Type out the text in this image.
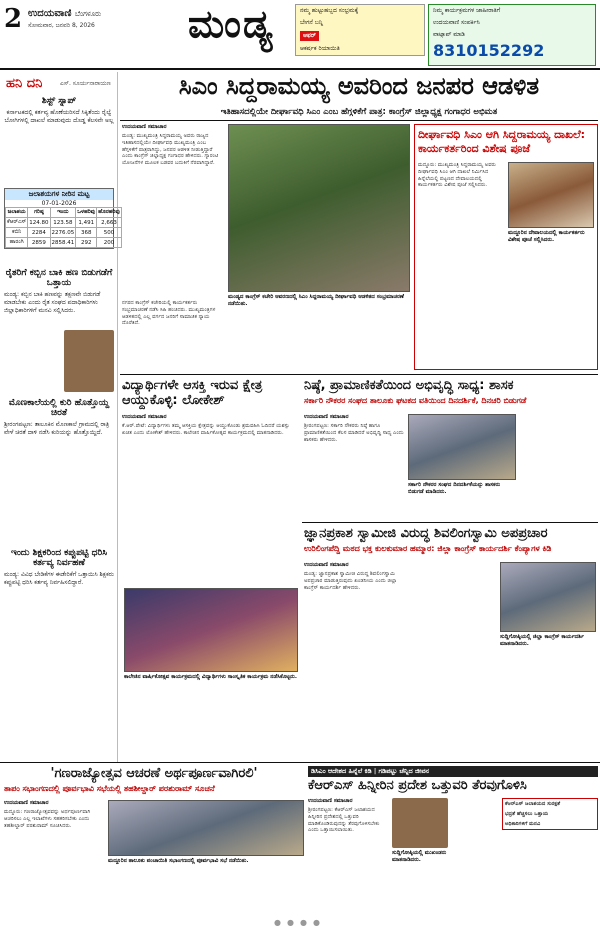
2 ಉದಯವಾಣಿ ಬೆಂಗಳೂರು
ಸೋಮವಾರ, ಜನವರಿ 8, 2026 ಮಂಡ್ಯ	ನಮ್ಮ ಹುಟ್ಟುಹಬ್ಬದ ಸಂಭ್ರಮಕ್ಕೆ
ಬೇಗನೆ ಬನ್ನಿ
ಆಫರ್
ಆಕರ್ಷಕ ರಿಯಾಯಿತಿ
ನಿಮ್ಮ ಕಾರ್ಯಕ್ರಮಗಳ ಜಾಹೀರಾತಿಗೆ
ಉದಯವಾಣಿ ಸಂಪರ್ಕಿಸಿ
ವಾಟ್ಸಾಪ್ ಮಾಡಿ
8310152292
ಹನಿ ದನಿ	ಎಸ್. ಸೂರ್ಯನಾರಾಯಣ
ಶಿಸ್ಟ್ ಸ್ನಾಪ್
ಕರ್ನಾಟಕದಲ್ಲಿ ಕರ್ತವ್ಯ ಹೊಣೆಯರಿಸದೆ ಸಿಕ್ಕಿತೆಂದು ರೈಲ್ವೆ ಬೋಗಿಗಳಲ್ಲಿ ದಾಖಲೆ ಮಾಡುವುದು ದೊಡ್ಡ ಕೆಲಸವೇ ಅಲ್ಲ
ಜಲಾಶಯಗಳ ನೀರಿನ ಮಟ್ಟ
07-01-2026
ಜಲಾಶಯ	ಗರಿಷ್ಠ	ಇಂದು	ಒಳಹರಿವು	ಹೊರಹರಿವು
ಕೆಆರ್‌ಎಸ್	124.80	123.58	1,491	2,663
ಕಬಿನಿ	2284	2276.05	368	500
ಹಾರಂಗಿ	2859	2858.41	292	200
ರೈತರಿಗೆ ಕಬ್ಬಿನ ಬಾಕಿ ಹಣ ಬಿಡುಗಡೆಗೆ ಒತ್ತಾಯ
ಮಂಡ್ಯ: ಕಬ್ಬಿನ ಬಾಕಿ ಹಣವನ್ನು ತಕ್ಷಣವೇ ಬಿಡುಗಡೆ ಮಾಡಬೇಕು ಎಂದು ರೈತ ಸಂಘದ ಪದಾಧಿಕಾರಿಗಳು ಜಿಲ್ಲಾಧಿಕಾರಿಗಳಿಗೆ ಮನವಿ ಸಲ್ಲಿಸಿದರು.
ಮೊಣಕಾಲೆಯಲ್ಲಿ ಕುರಿ ಹೊತ್ತೊಯ್ದ ಚಿರತೆ
ಶ್ರೀರಂಗಪಟ್ಟಣ: ತಾಲೂಕಿನ ಮೊಣಕಾಲೆ ಗ್ರಾಮದಲ್ಲಿ ರಾತ್ರಿ ವೇಳೆ ಚಿರತೆ ದಾಳಿ ನಡೆಸಿ ಕುರಿಯನ್ನು ಹೊತ್ತೊಯ್ದಿದೆ.
ಇಂದು ಶಿಕ್ಷಕರಿಂದ ಕಪ್ಪುಪಟ್ಟಿ ಧರಿಸಿ ಕರ್ತವ್ಯ ನಿರ್ವಹಣೆ
ಮಂಡ್ಯ: ವಿವಿಧ ಬೇಡಿಕೆಗಳ ಈಡೇರಿಕೆಗೆ ಒತ್ತಾಯಿಸಿ ಶಿಕ್ಷಕರು ಕಪ್ಪುಪಟ್ಟಿ ಧರಿಸಿ ಕರ್ತವ್ಯ ನಿರ್ವಹಿಸಲಿದ್ದಾರೆ.
ಸಿಎಂ ಸಿದ್ದರಾಮಯ್ಯ ಅವರಿಂದ ಜನಪರ ಆಡಳಿತ
ಇತಿಹಾಸದಲ್ಲಿಯೇ ದೀರ್ಘಾವಧಿ ಸಿಎಂ ಎಂಬ ಹೆಗ್ಗಳಿಕೆಗೆ ಪಾತ್ರ: ಕಾಂಗ್ರೆಸ್ ಜಿಲ್ಲಾಧ್ಯಕ್ಷ ಗಂಗಾಧರ ಅಭಿಮತ
ಉದಯವಾಣಿ ಸಮಾಚಾರ
ಮಂಡ್ಯ: ಮುಖ್ಯಮಂತ್ರಿ ಸಿದ್ದರಾಮಯ್ಯ ಅವರು ರಾಜ್ಯದ ಇತಿಹಾಸದಲ್ಲಿಯೇ ದೀರ್ಘಾವಧಿ ಮುಖ್ಯಮಂತ್ರಿ ಎಂಬ ಹೆಗ್ಗಳಿಕೆಗೆ ಪಾತ್ರರಾಗಿದ್ದು, ಜನಪರ ಆಡಳಿತ ನೀಡುತ್ತಿದ್ದಾರೆ ಎಂದು ಕಾಂಗ್ರೆಸ್ ಜಿಲ್ಲಾಧ್ಯಕ್ಷ ಗಂಗಾಧರ ಹೇಳಿದರು. ಗ್ಯಾರಂಟಿ ಯೋಜನೆಗಳ ಮೂಲಕ ಬಡವರ ಬದುಕಿಗೆ ನೆರವಾಗಿದ್ದಾರೆ.
ಮಂಡ್ಯದ ಕಾಂಗ್ರೆಸ್ ಕಚೇರಿ ಆವರಣದಲ್ಲಿ ಸಿಎಂ ಸಿದ್ದರಾಮಯ್ಯ ದೀರ್ಘಾವಧಿ ಆಡಳಿತದ ಸಂಭ್ರಮಾಚರಣೆ ನಡೆಯಿತು.
ನಗರದ ಕಾಂಗ್ರೆಸ್ ಕಚೇರಿಯಲ್ಲಿ ಕಾರ್ಯಕರ್ತರು ಸಂಭ್ರಮಾಚರಣೆ ನಡೆಸಿ ಸಿಹಿ ಹಂಚಿದರು. ಮುಖ್ಯಮಂತ್ರಿಗಳ ಆಡಳಿತದಲ್ಲಿ ಎಲ್ಲ ವರ್ಗದ ಜನರಿಗೆ ಸಾಮಾಜಿಕ ನ್ಯಾಯ ದೊರೆತಿದೆ.
ದೀರ್ಘಾವಧಿ ಸಿಎಂ ಆಗಿ ಸಿದ್ದರಾಮಯ್ಯ ದಾಖಲೆ: ಕಾರ್ಯಕರ್ತರಿಂದ ವಿಶೇಷ ಪೂಜೆ
ಮದ್ದೂರು: ಮುಖ್ಯಮಂತ್ರಿ ಸಿದ್ದರಾಮಯ್ಯ ಅವರು ದೀರ್ಘಾವಧಿ ಸಿಎಂ ಆಗಿ ದಾಖಲೆ ನಿರ್ಮಿಸಿದ ಹಿನ್ನೆಲೆಯಲ್ಲಿ ಪಟ್ಟಣದ ದೇವಾಲಯದಲ್ಲಿ ಕಾರ್ಯಕರ್ತರು ವಿಶೇಷ ಪೂಜೆ ಸಲ್ಲಿಸಿದರು.
ಮದ್ದೂರಿನ ದೇವಾಲಯದಲ್ಲಿ ಕಾರ್ಯಕರ್ತರು ವಿಶೇಷ ಪೂಜೆ ಸಲ್ಲಿಸಿದರು.
ವಿದ್ಯಾರ್ಥಿಗಳೇ ಆಸಕ್ತಿ ಇರುವ ಕ್ಷೇತ್ರ ಆಯ್ದುಕೊಳ್ಳಿ: ಲೋಕೇಶ್
ಉದಯವಾಣಿ ಸಮಾಚಾರ
ಕೆ.ಆರ್.ಪೇಟೆ: ವಿದ್ಯಾರ್ಥಿಗಳು ತಮ್ಮ ಆಸಕ್ತಿಯ ಕ್ಷೇತ್ರವನ್ನು ಆಯ್ದುಕೊಂಡು ಶ್ರಮವಹಿಸಿ ಓದಿದರೆ ಯಶಸ್ಸು ಖಚಿತ ಎಂದು ಲೋಕೇಶ್ ಹೇಳಿದರು. ಕಾಲೇಜಿನ ವಾರ್ಷಿಕೋತ್ಸವ ಕಾರ್ಯಕ್ರಮದಲ್ಲಿ ಮಾತನಾಡಿದರು.
ಕಾಲೇಜಿನ ವಾರ್ಷಿಕೋತ್ಸವ ಕಾರ್ಯಕ್ರಮದಲ್ಲಿ ವಿದ್ಯಾರ್ಥಿಗಳು ಸಾಂಸ್ಕೃತಿಕ ಕಾರ್ಯಕ್ರಮ ನಡೆಸಿಕೊಟ್ಟರು.
ನಿಷ್ಠೆ, ಪ್ರಾಮಾಣಿಕತೆಯಿಂದ ಅಭಿವೃದ್ಧಿ ಸಾಧ್ಯ: ಶಾಸಕ
ಸರ್ಕಾರಿ ನೌಕರರ ಸಂಘದ ತಾಲೂಕು ಘಟಕದ ವತಿಯಿಂದ ದಿನದರ್ಶಿಕೆ, ದಿನಚರಿ ಬಿಡುಗಡೆ
ಉದಯವಾಣಿ ಸಮಾಚಾರ
ಶ್ರೀರಂಗಪಟ್ಟಣ: ಸರ್ಕಾರಿ ನೌಕರರು ನಿಷ್ಠೆ ಹಾಗೂ ಪ್ರಾಮಾಣಿಕತೆಯಿಂದ ಕೆಲಸ ಮಾಡಿದರೆ ಅಭಿವೃದ್ಧಿ ಸಾಧ್ಯ ಎಂದು ಶಾಸಕರು ಹೇಳಿದರು.
ಸರ್ಕಾರಿ ನೌಕರರ ಸಂಘದ ದಿನದರ್ಶಿಕೆಯನ್ನು ಶಾಸಕರು ಬಿಡುಗಡೆ ಮಾಡಿದರು.
ಜ್ಞಾನಪ್ರಕಾಶ ಸ್ವಾಮೀಜಿ ವಿರುದ್ಧ ಶಿವಲಿಂಗಸ್ವಾಮಿ ಅಪಪ್ರಚಾರ
ಉರಿಲಿಂಗಪೆದ್ದಿ ಮಠದ ಭಕ್ತ ಕುಲಕುಮಾರ ಹಮ್ಮಾರ: ಜಿಲ್ಲಾ ಕಾಂಗ್ರೆಸ್ ಕಾರ್ಯದರ್ಶಿ ಕೆಂಪ್ಯಾಗಳ ಕಿಡಿ
ಉದಯವಾಣಿ ಸಮಾಚಾರ
ಮಂಡ್ಯ: ಜ್ಞಾನಪ್ರಕಾಶ ಸ್ವಾಮೀಜಿ ವಿರುದ್ಧ ಶಿವಲಿಂಗಸ್ವಾಮಿ ಅಪಪ್ರಚಾರ ಮಾಡುತ್ತಿರುವುದು ಖಂಡನೀಯ ಎಂದು ಜಿಲ್ಲಾ ಕಾಂಗ್ರೆಸ್ ಕಾರ್ಯದರ್ಶಿ ಹೇಳಿದರು.
ಸುದ್ದಿಗೋಷ್ಠಿಯಲ್ಲಿ ಜಿಲ್ಲಾ ಕಾಂಗ್ರೆಸ್ ಕಾರ್ಯದರ್ಶಿ ಮಾತನಾಡಿದರು.
'ಗಣರಾಜ್ಯೋತ್ಸವ ಆಚರಣೆ ಅರ್ಥಪೂರ್ಣವಾಗಿರಲಿ'
ತಾಪಂ ಸಭಾಂಗಣದಲ್ಲಿ ಪೂರ್ವಭಾವಿ ಸಭೆಯಲ್ಲಿ ತಹಶೀಲ್ದಾರ್ ಪರಶುರಾಮ್ ಸೂಚನೆ
ಉದಯವಾಣಿ ಸಮಾಚಾರ
ಮದ್ದೂರು: ಗಣರಾಜ್ಯೋತ್ಸವವನ್ನು ಅರ್ಥಪೂರ್ಣವಾಗಿ ಆಚರಿಸಲು ಎಲ್ಲ ಇಲಾಖೆಗಳು ಸಹಕರಿಸಬೇಕು ಎಂದು ತಹಶೀಲ್ದಾರ್ ಪರಶುರಾಮ್ ಸೂಚಿಸಿದರು.
ಮದ್ದೂರಿನ ತಾಲೂಕು ಪಂಚಾಯಿತಿ ಸಭಾಂಗಣದಲ್ಲಿ ಪೂರ್ವಭಾವಿ ಸಭೆ ನಡೆಯಿತು.
ಡಿಸಿಎಂ ಆದೇಶದ ಹಿನ್ನೆಲೆ ಕಿಡಿ | ಗಡಿಪಟ್ಟು ಚೆನ್ನಿದ ಜೀವನ
ಕೆಆರ್‌ಎಸ್ ಹಿನ್ನೀರಿನ ಪ್ರದೇಶ ಒತ್ತುವರಿ ತೆರವುಗೊಳಿಸಿ
ಉದಯವಾಣಿ ಸಮಾಚಾರ
ಶ್ರೀರಂಗಪಟ್ಟಣ: ಕೆಆರ್‌ಎಸ್ ಜಲಾಶಯದ ಹಿನ್ನೀರಿನ ಪ್ರದೇಶದಲ್ಲಿ ಒತ್ತುವರಿ ಮಾಡಿಕೊಂಡಿರುವುದನ್ನು ತೆರವುಗೊಳಿಸಬೇಕು ಎಂದು ಒತ್ತಾಯಿಸಲಾಯಿತು.
ಸುದ್ದಿಗೋಷ್ಠಿಯಲ್ಲಿ ಮುಖಂಡರು ಮಾತನಾಡಿದರು.
ಕೆಆರ್‌ಎಸ್ ಜಲಾಶಯದ ಸುರಕ್ಷತೆ
ಭದ್ರತೆ ಹೆಚ್ಚಿಸಲು ಒತ್ತಾಯ
ಅಧಿಕಾರಿಗಳಿಗೆ ಮನವಿ
●●●●
